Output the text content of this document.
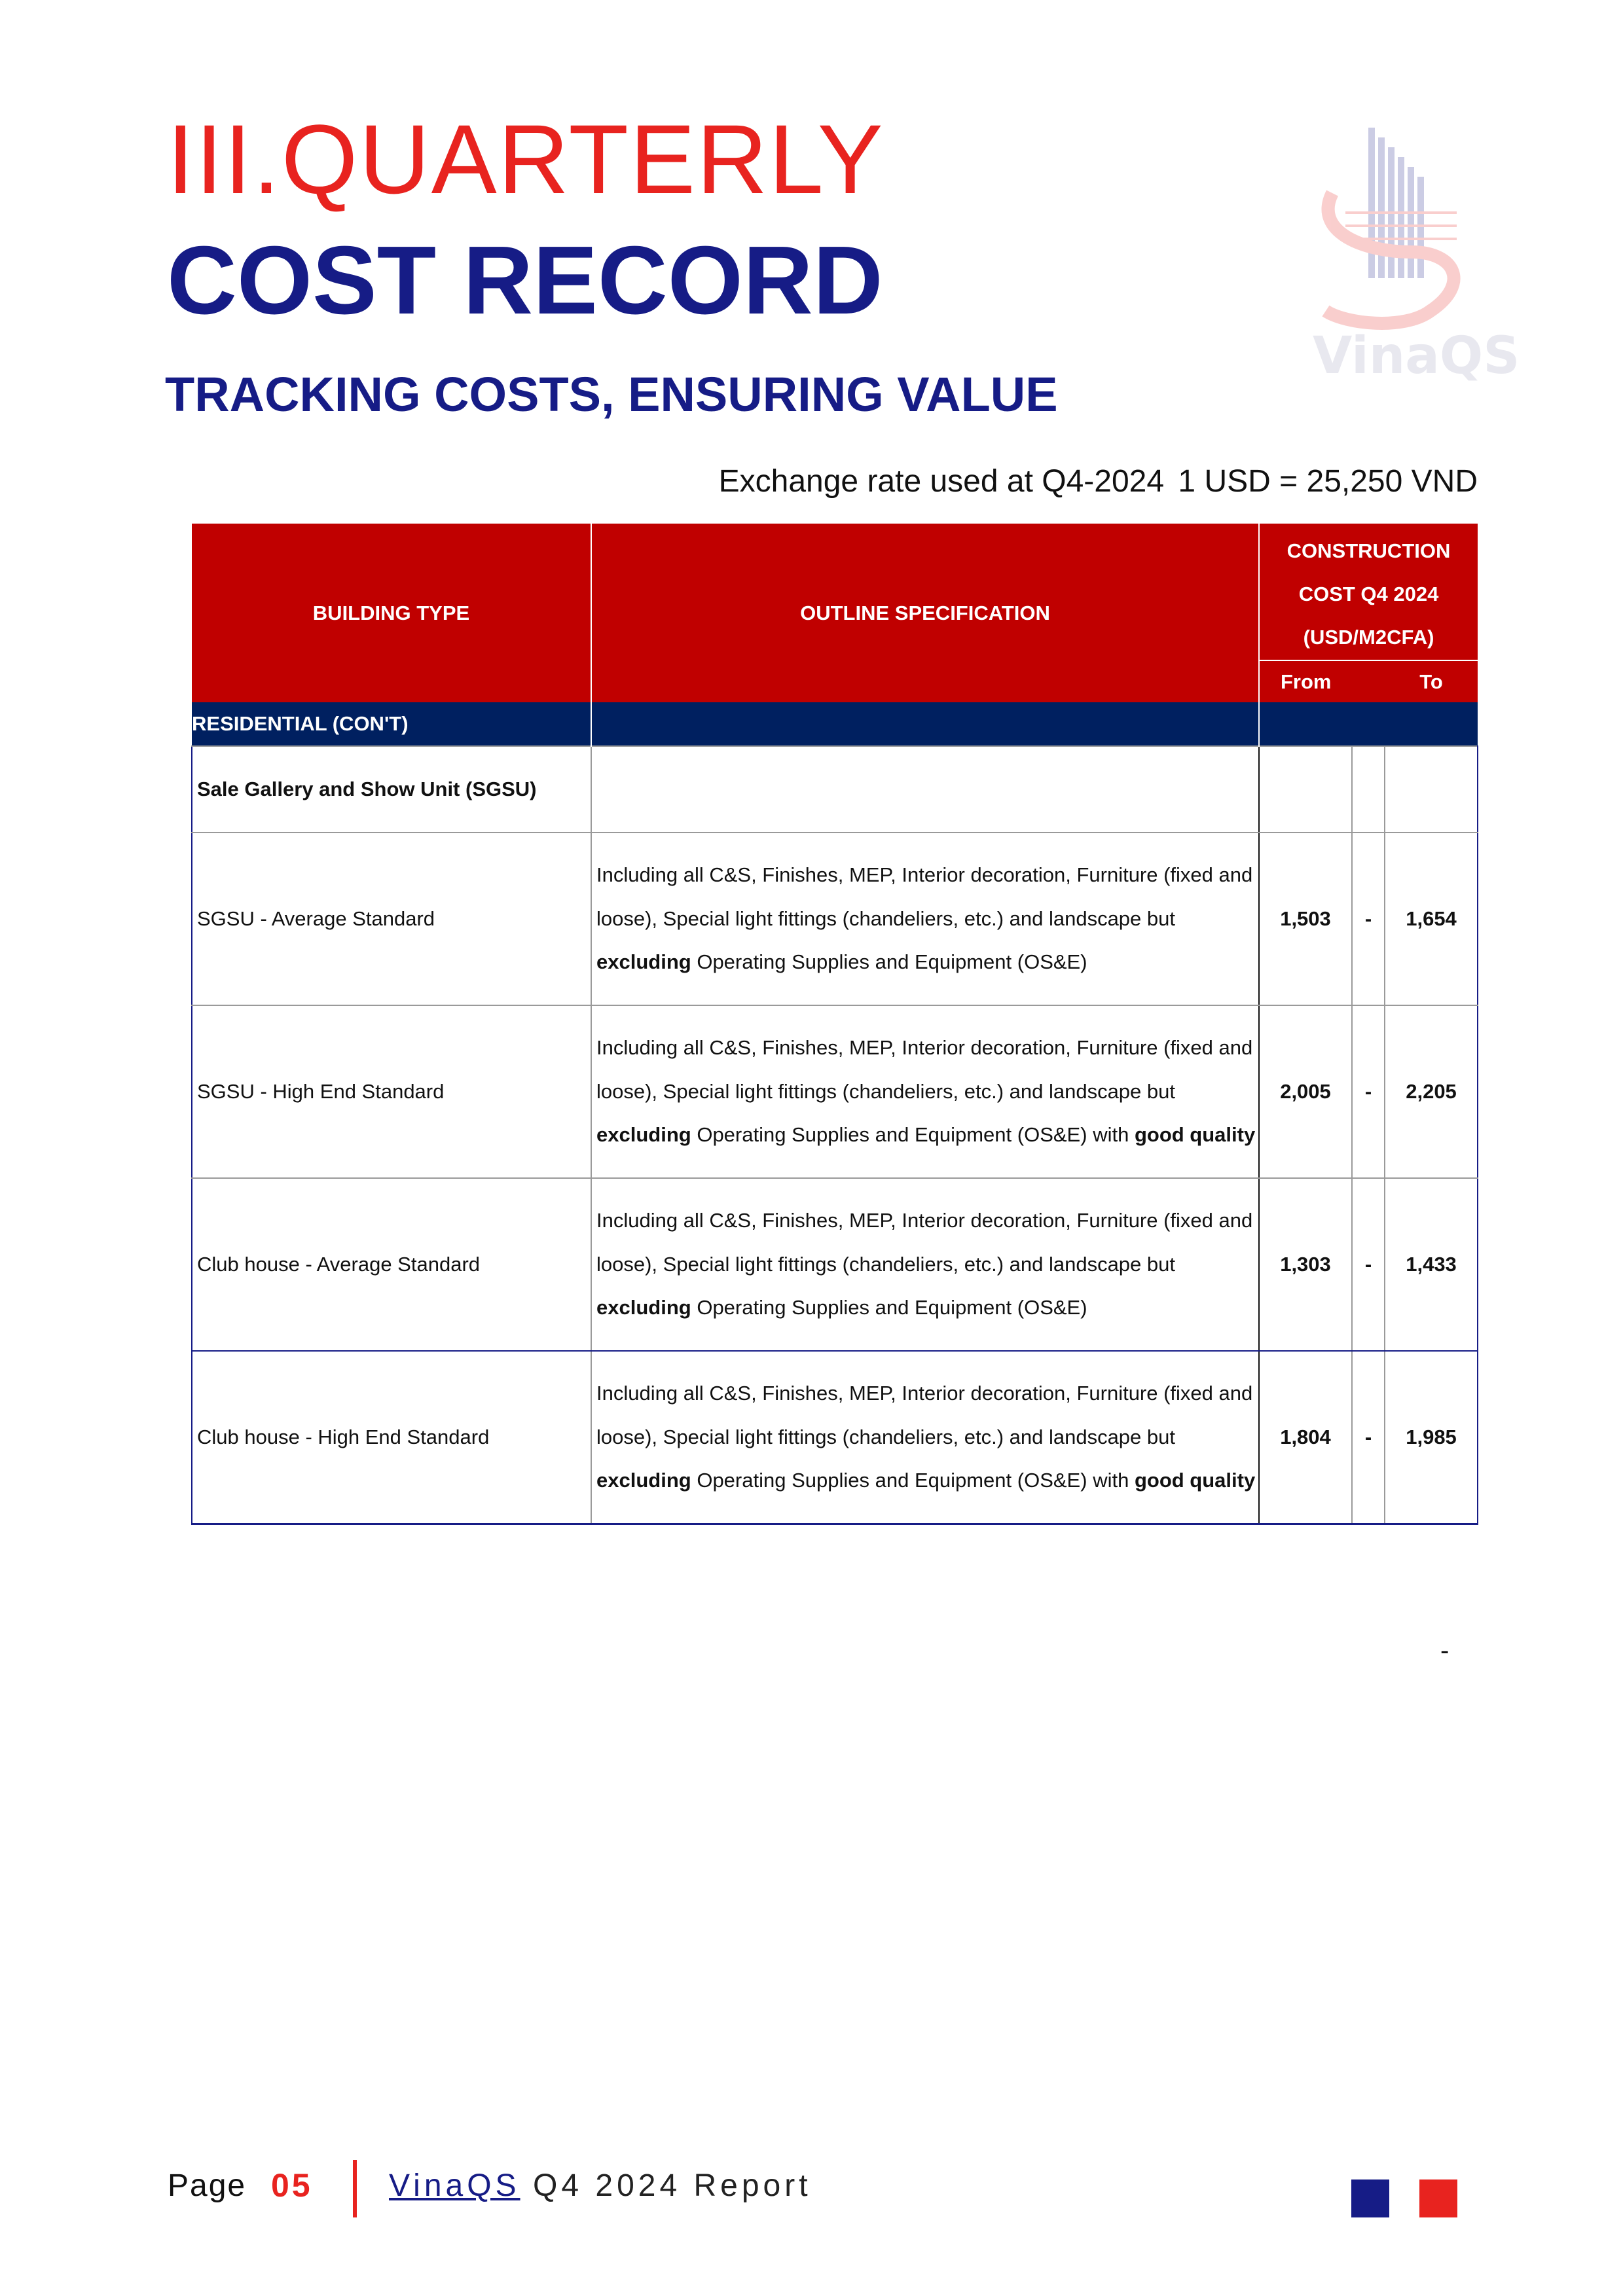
III.QUARTERLY
COST RECORD
TRACKING COSTS, ENSURING VALUE
VinaQS
Exchange rate used at Q4-2024 1 USD = 25,250 VND
BUILDING TYPE	OUTLINE SPECIFICATION	CONSTRUCTION
COST Q4 2024
(USD/M2CFA)		

		From		To
RESIDENTIAL (CON'T)				
Sale Gallery and Show Unit (SGSU)				
SGSU - Average Standard	Including all C&S, Finishes, MEP, Interior decoration, Furniture (fixed and loose), Special light fittings (chandeliers, etc.) and landscape but excluding Operating Supplies and Equipment (OS&E)	1,503	-	1,654
SGSU - High End Standard	Including all C&S, Finishes, MEP, Interior decoration, Furniture (fixed and loose), Special light fittings (chandeliers, etc.) and landscape but excluding Operating Supplies and Equipment (OS&E) with good quality	2,005	-	2,205
Club house - Average Standard	Including all C&S, Finishes, MEP, Interior decoration, Furniture (fixed and loose), Special light fittings (chandeliers, etc.) and landscape but excluding Operating Supplies and Equipment (OS&E)	1,303	-	1,433
Club house - High End Standard	Including all C&S, Finishes, MEP, Interior decoration, Furniture (fixed and loose), Special light fittings (chandeliers, etc.) and landscape but excluding Operating Supplies and Equipment (OS&E) with good quality	1,804	-	1,985
-
Page 05 VinaQS Q4 2024 Report
